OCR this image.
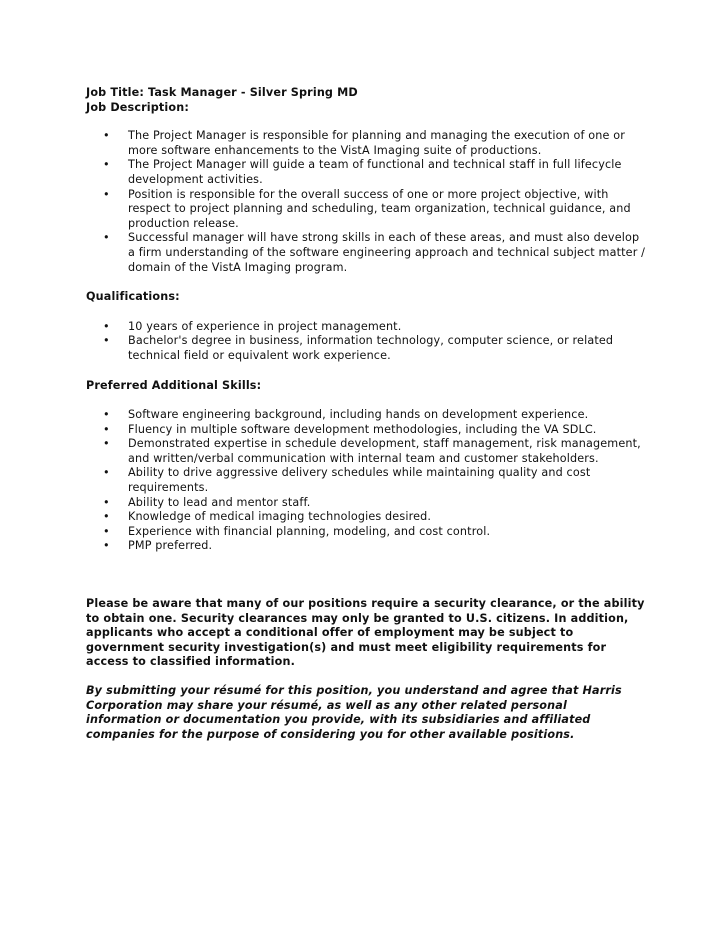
Job Title: Task Manager - Silver Spring MD
Job Description:
• The Project Manager is responsible for planning and managing the execution of one or more software enhancements to the VistA Imaging suite of productions.
• The Project Manager will guide a team of functional and technical staff in full lifecycle development activities.
• Position is responsible for the overall success of one or more project objective, with respect to project planning and scheduling, team organization, technical guidance, and production release.
• Successful manager will have strong skills in each of these areas, and must also develop a firm understanding of the software engineering approach and technical subject matter / domain of the VistA Imaging program.
Qualifications:
• 10 years of experience in project management.
• Bachelor's degree in business, information technology, computer science, or related technical field or equivalent work experience.
Preferred Additional Skills:
• Software engineering background, including hands on development experience.
• Fluency in multiple software development methodologies, including the VA SDLC.
• Demonstrated expertise in schedule development, staff management, risk management, and written/verbal communication with internal team and customer stakeholders.
• Ability to drive aggressive delivery schedules while maintaining quality and cost requirements.
• Ability to lead and mentor staff.
• Knowledge of medical imaging technologies desired.
• Experience with financial planning, modeling, and cost control.
• PMP preferred.

Please be aware that many of our positions require a security clearance, or the ability to obtain one. Security clearances may only be granted to U.S. citizens. In addition, applicants who accept a conditional offer of employment may be subject to government security investigation(s) and must meet eligibility requirements for access to classified information.

By submitting your résumé for this position, you understand and agree that Harris Corporation may share your résumé, as well as any other related personal information or documentation you provide, with its subsidiaries and affiliated companies for the purpose of considering you for other available positions.
